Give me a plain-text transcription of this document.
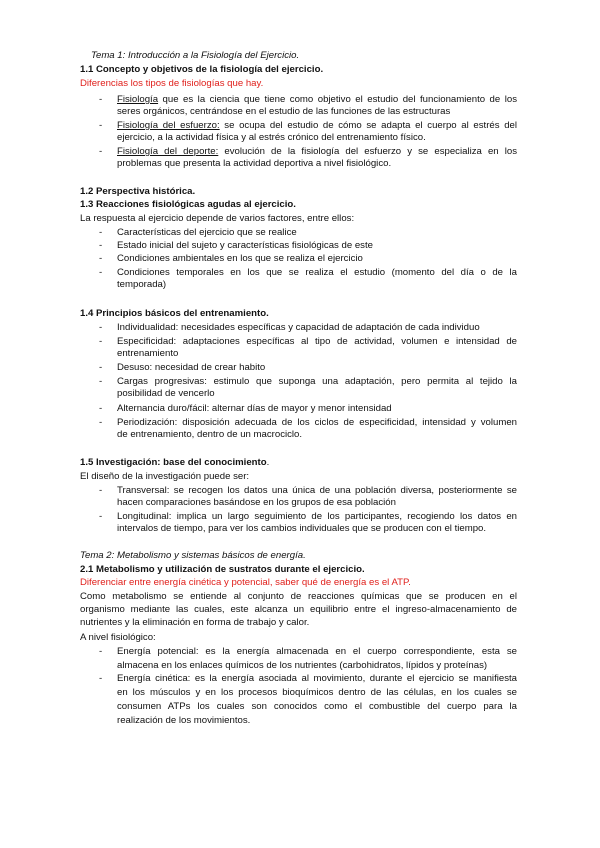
Tema 1: Introducción a la Fisiología del Ejercicio.
1.1 Concepto y objetivos de la fisiología del ejercicio.
Diferencias los tipos de fisiologías que hay.
- Fisiología que es la ciencia que tiene como objetivo el estudio del funcionamiento de los
seres orgánicos, centrándose en el estudio de las funciones de las estructuras
- Fisiología del esfuerzo: se ocupa del estudio de cómo se adapta el cuerpo al estrés del
ejercicio, a la actividad física y al estrés crónico del entrenamiento físico.
- Fisiología del deporte: evolución de la fisiología del esfuerzo y se especializa en los
problemas que presenta la actividad deportiva a nivel fisiológico.
1.2 Perspectiva histórica.
1.3 Reacciones fisiológicas agudas al ejercicio.
La respuesta al ejercicio depende de varios factores, entre ellos:
- Características del ejercicio que se realice
- Estado inicial del sujeto y características fisiológicas de este
- Condiciones ambientales en los que se realiza el ejercicio
- Condiciones temporales en los que se realiza el estudio (momento del día o de la
temporada)
1.4 Principios básicos del entrenamiento.
- Individualidad: necesidades específicas y capacidad de adaptación de cada individuo
- Especificidad: adaptaciones específicas al tipo de actividad, volumen e intensidad de
entrenamiento
- Desuso: necesidad de crear habito
- Cargas progresivas: estimulo que suponga una adaptación, pero permita al tejido la
posibilidad de vencerlo
- Alternancia duro/fácil: alternar días de mayor y menor intensidad
- Periodización: disposición adecuada de los ciclos de especificidad, intensidad y volumen
de entrenamiento, dentro de un macrociclo.
1.5 Investigación: base del conocimiento.
El diseño de la investigación puede ser:
- Transversal: se recogen los datos una única de una población diversa, posteriormente se
hacen comparaciones basándose en los grupos de esa población
- Longitudinal: implica un largo seguimiento de los participantes, recogiendo los datos en
intervalos de tiempo, para ver los cambios individuales que se producen con el tiempo.
Tema 2: Metabolismo y sistemas básicos de energía.
2.1 Metabolismo y utilización de sustratos durante el ejercicio.
Diferenciar entre energía cinética y potencial, saber qué de energía es el ATP.
Como metabolismo se entiende al conjunto de reacciones químicas que se producen en el
organismo mediante las cuales, este alcanza un equilibrio entre el ingreso-almacenamiento de
nutrientes y la eliminación en forma de trabajo y calor.
A nivel fisiológico:
- Energía potencial: es la energía almacenada en el cuerpo correspondiente, esta se
almacena en los enlaces químicos de los nutrientes (carbohidratos, lípidos y proteínas)
- Energía cinética: es la energía asociada al movimiento, durante el ejercicio se manifiesta
en los músculos y en los procesos bioquímicos dentro de las células, en los cuales se
consumen ATPs los cuales son conocidos como el combustible del cuerpo para la
realización de los movimientos.
